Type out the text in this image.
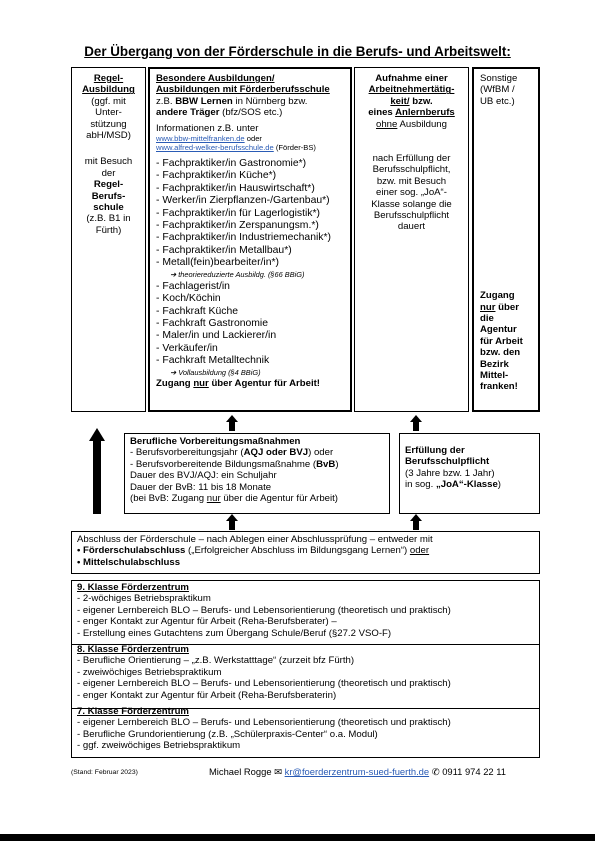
Der Übergang von der Förderschule in die Berufs- und Arbeitswelt:
Regel-
Ausbildung
(ggf. mit
Unter-
stützung
abH/MSD)
mit Besuch
der
Regel-
Berufs-
schule
(z.B. B1 in
Fürth)
Besondere Ausbildungen/
Ausbildungen mit Förderberufsschule
z.B. BBW Lernen in Nürnberg bzw.
andere Träger (bfz/SOS etc.)
Informationen z.B. unter
www.bbw-mittelfranken.de oder
www.alfred-welker-berufsschule.de (Förder-BS)
- Fachpraktiker/in Gastronomie*)
- Fachpraktiker/in Küche*)
- Fachpraktiker/in Hauswirtschaft*)
- Werker/in Zierpflanzen-/Gartenbau*)
- Fachpraktiker/in für Lagerlogistik*)
- Fachpraktiker/in Zerspanungsm.*)
- Fachpraktiker/in Industriemechanik*)
- Fachpraktiker/in Metallbau*)
- Metall(fein)bearbeiter/in*)
➔ theoriereduzierte Ausbildg. (§66 BBiG)
- Fachlagerist/in
- Koch/Köchin
- Fachkraft Küche
- Fachkraft Gastronomie
- Maler/in und Lackierer/in
- Verkäufer/in
- Fachkraft Metalltechnik
➔ Vollausbildung (§4 BBiG)
Zugang nur über Agentur für Arbeit!
Aufnahme einer
Arbeitnehmertätig-
keit/ bzw.
eines Anlernberufs
ohne Ausbildung
nach Erfüllung der
Berufsschulpflicht,
bzw. mit Besuch
einer sog. „JoA“-
Klasse solange die
Berufsschulpflicht
dauert
Sonstige
(WfBM /
UB etc.)
Zugang
nur über
die
Agentur
für Arbeit
bzw. den
Bezirk
Mittel-
franken!
Berufliche Vorbereitungsmaßnahmen
- Berufsvorbereitungsjahr (AQJ oder BVJ) oder
- Berufsvorbereitende Bildungsmaßnahme (BvB)
Dauer des BVJ/AQJ: ein Schuljahr
Dauer der BvB: 11 bis 18 Monate
(bei BvB: Zugang nur über die Agentur für Arbeit)
Erfüllung der
Berufsschulpflicht
(3 Jahre bzw. 1 Jahr)
in sog. „JoA“-Klasse)
Abschluss der Förderschule – nach Ablegen einer Abschlussprüfung – entweder mit
• Förderschulabschluss („Erfolgreicher Abschluss im Bildungsgang Lernen“) oder
• Mittelschulabschluss
9. Klasse Förderzentrum
- 2-wöchiges Betriebspraktikum
- eigener Lernbereich BLO – Berufs- und Lebensorientierung (theoretisch und praktisch)
- enger Kontakt zur Agentur für Arbeit (Reha-Berufsberater) –
- Erstellung eines Gutachtens zum Übergang Schule/Beruf (§27.2 VSO-F)
8. Klasse Förderzentrum
- Berufliche Orientierung – „z.B. Werkstatttage“ (zurzeit bfz Fürth)
- zweiwöchiges Betriebspraktikum
- eigener Lernbereich BLO – Berufs- und Lebensorientierung (theoretisch und praktisch)
- enger Kontakt zur Agentur für Arbeit (Reha-Berufsberaterin)
7. Klasse Förderzentrum
- eigener Lernbereich BLO – Berufs- und Lebensorientierung (theoretisch und praktisch)
- Berufliche Grundorientierung (z.B. „Schülerpraxis-Center“ o.a. Modul)
- ggf. zweiwöchiges Betriebspraktikum
(Stand: Februar 2023)	Michael Rogge ✉ kr@foerderzentrum-sued-fuerth.de ✆ 0911 974 22 11
